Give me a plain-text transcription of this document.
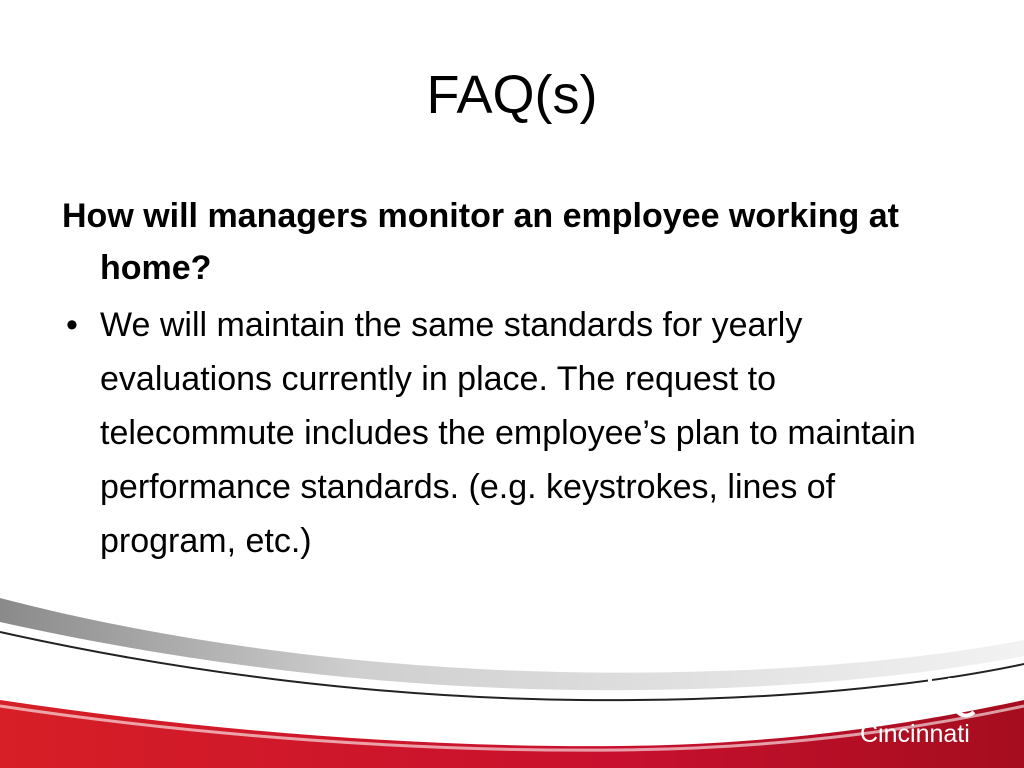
FAQ(s)

How will managers monitor an employee working at home?

• We will maintain the same standards for yearly evaluations currently in place. The request to telecommute includes the employee’s plan to maintain performance standards. (e.g. keystrokes, lines of program, etc.)
UNIVERSITY OF
Cincinnati
